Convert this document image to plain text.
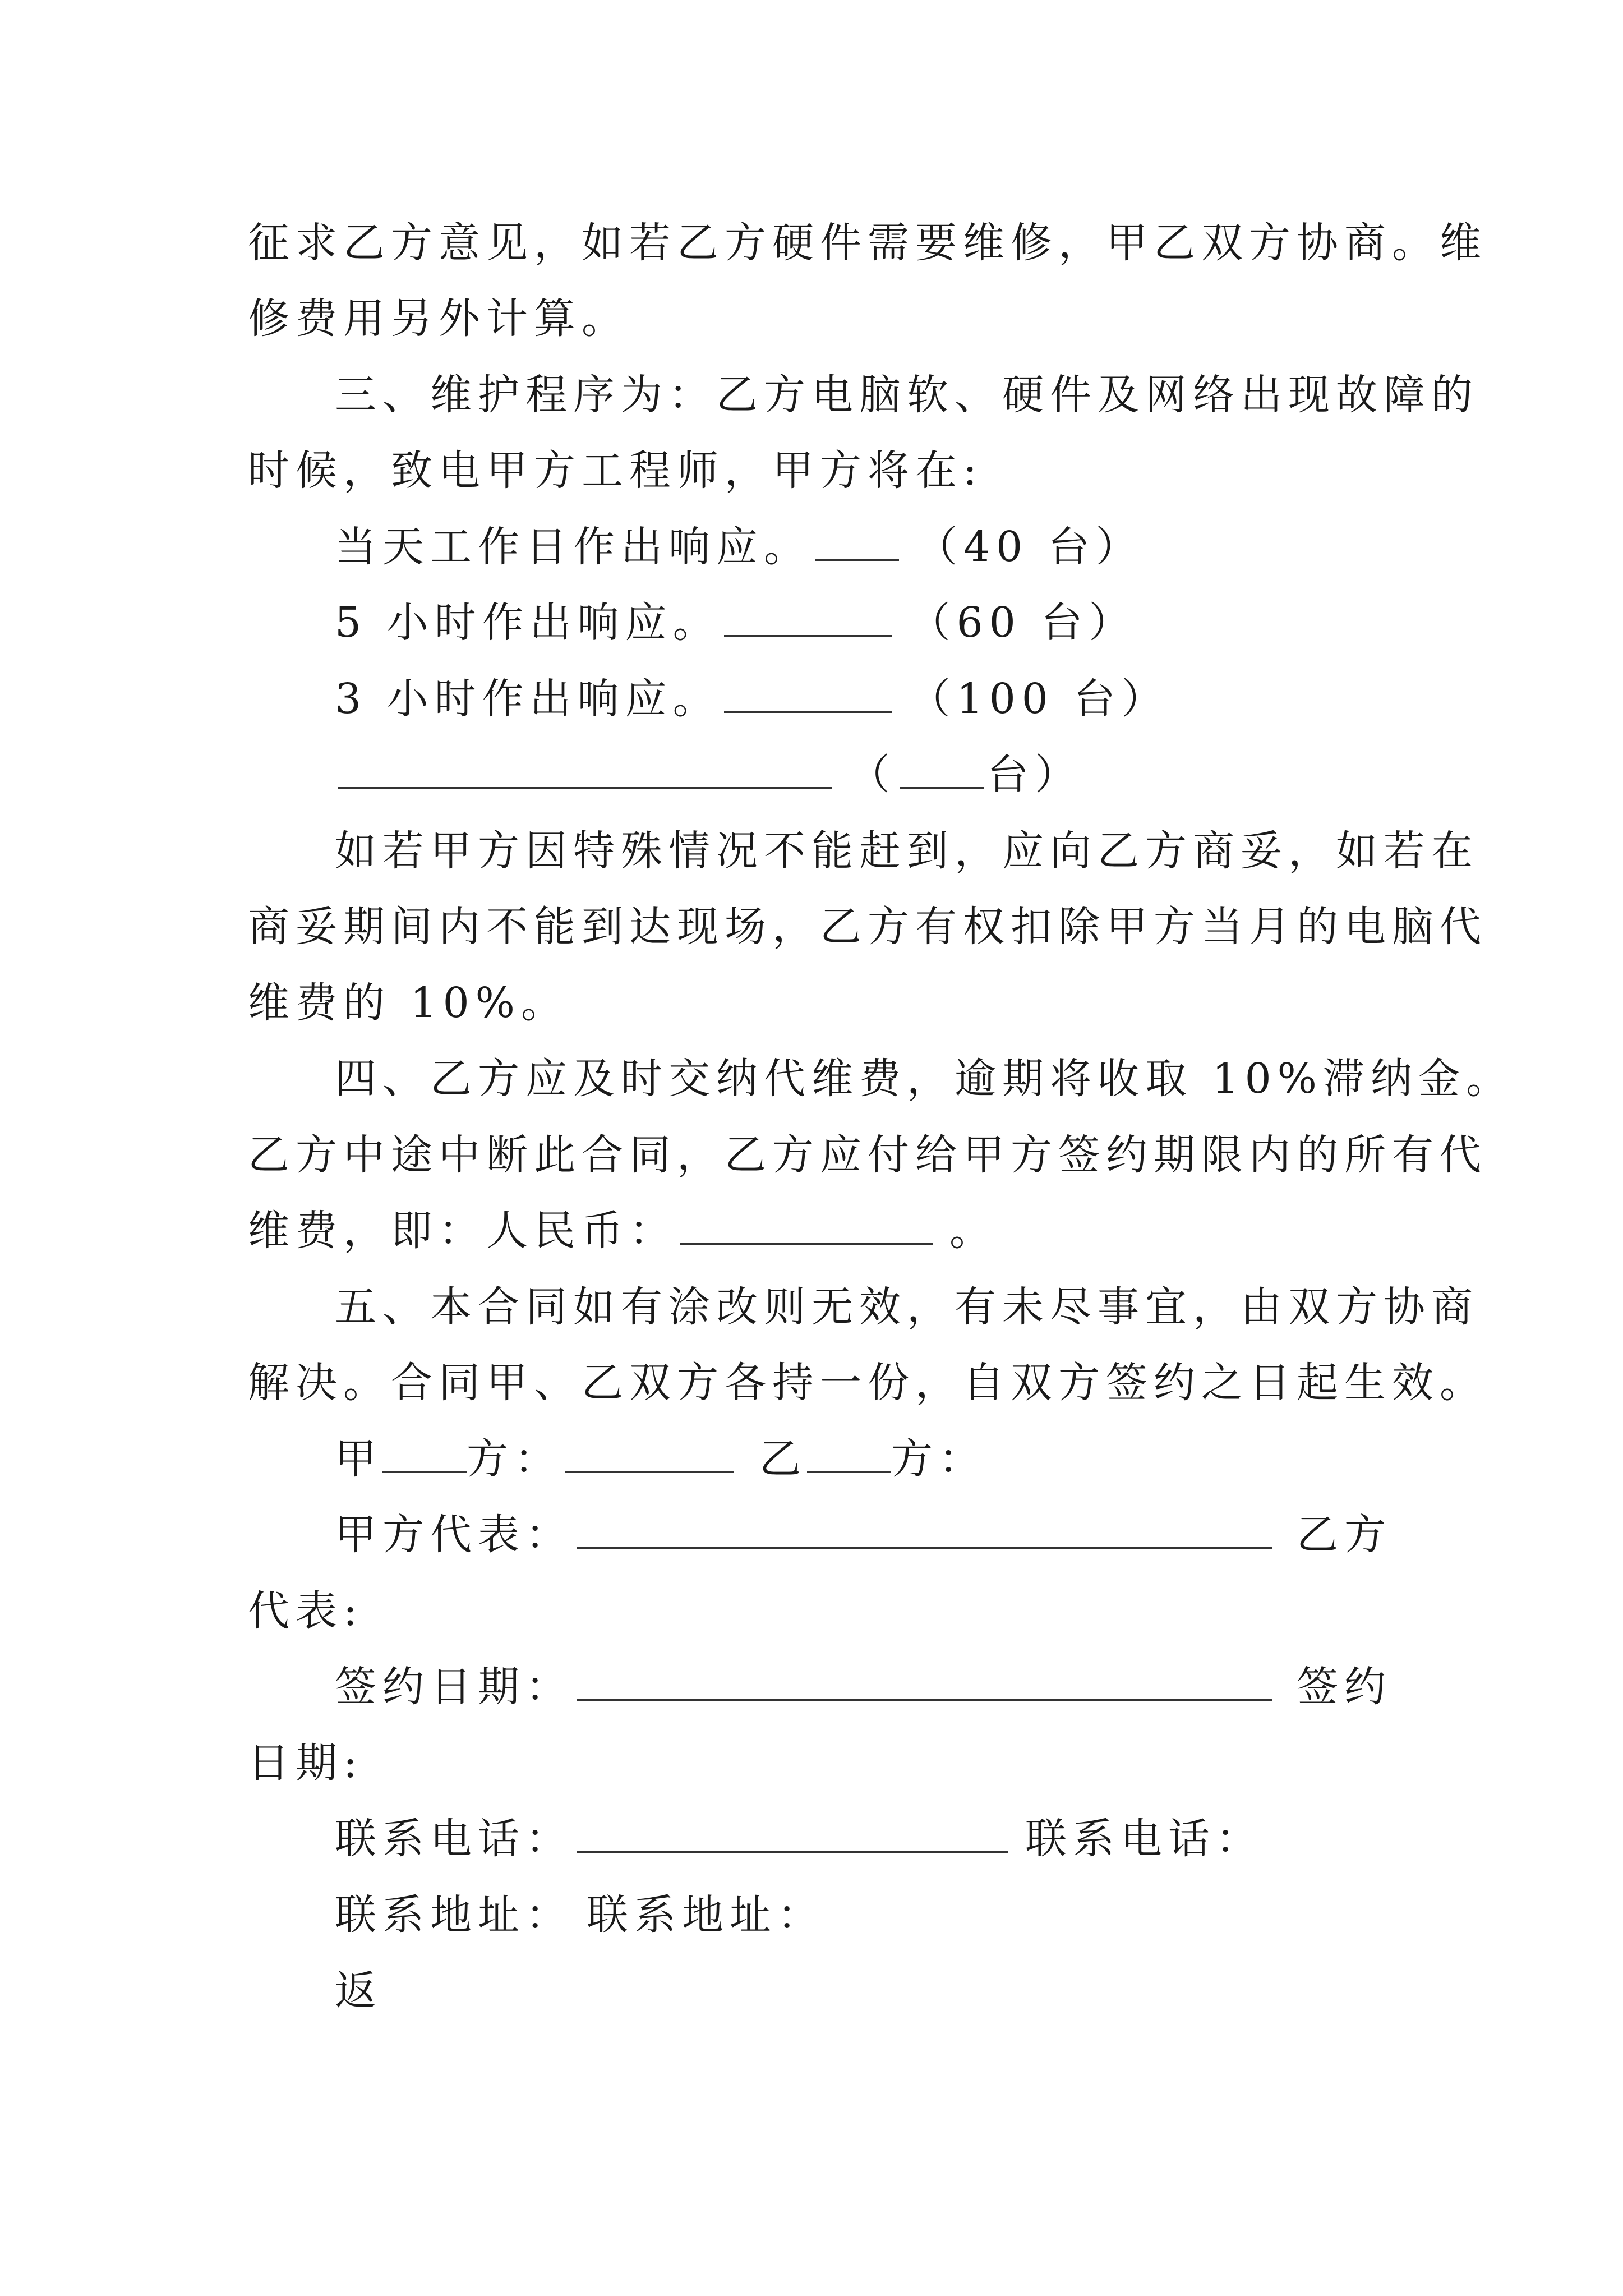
征求乙方意见，如若乙方硬件需要维修，甲乙双方协商。维
修费用另外计算。
三、维护程序为：乙方电脑软、硬件及网络出现故障的
时候，致电甲方工程师，甲方将在:
当天工作日作出响应。	（40 台）
5 小时作出响应。	（60 台）
3 小时作出响应。	（100 台）
（ 台）
如若甲方因特殊情况不能赶到，应向乙方商妥，如若在
商妥期间内不能到达现场，乙方有权扣除甲方当月的电脑代
维费的 10%。
四、乙方应及时交纳代维费，逾期将收取 10%滞纳金。
乙方中途中断此合同，乙方应付给甲方签约期限内的所有代
维费，即：人民币：	。
五、本合同如有涂改则无效，有未尽事宜，由双方协商
解决。合同甲、乙双方各持一份，自双方签约之日起生效。
甲 方：	乙 方：
甲方代表：	乙方
代表:
签约日期：	签约
日期:
联系电话：	联系电话：
联系地址： 联系地址：
返
